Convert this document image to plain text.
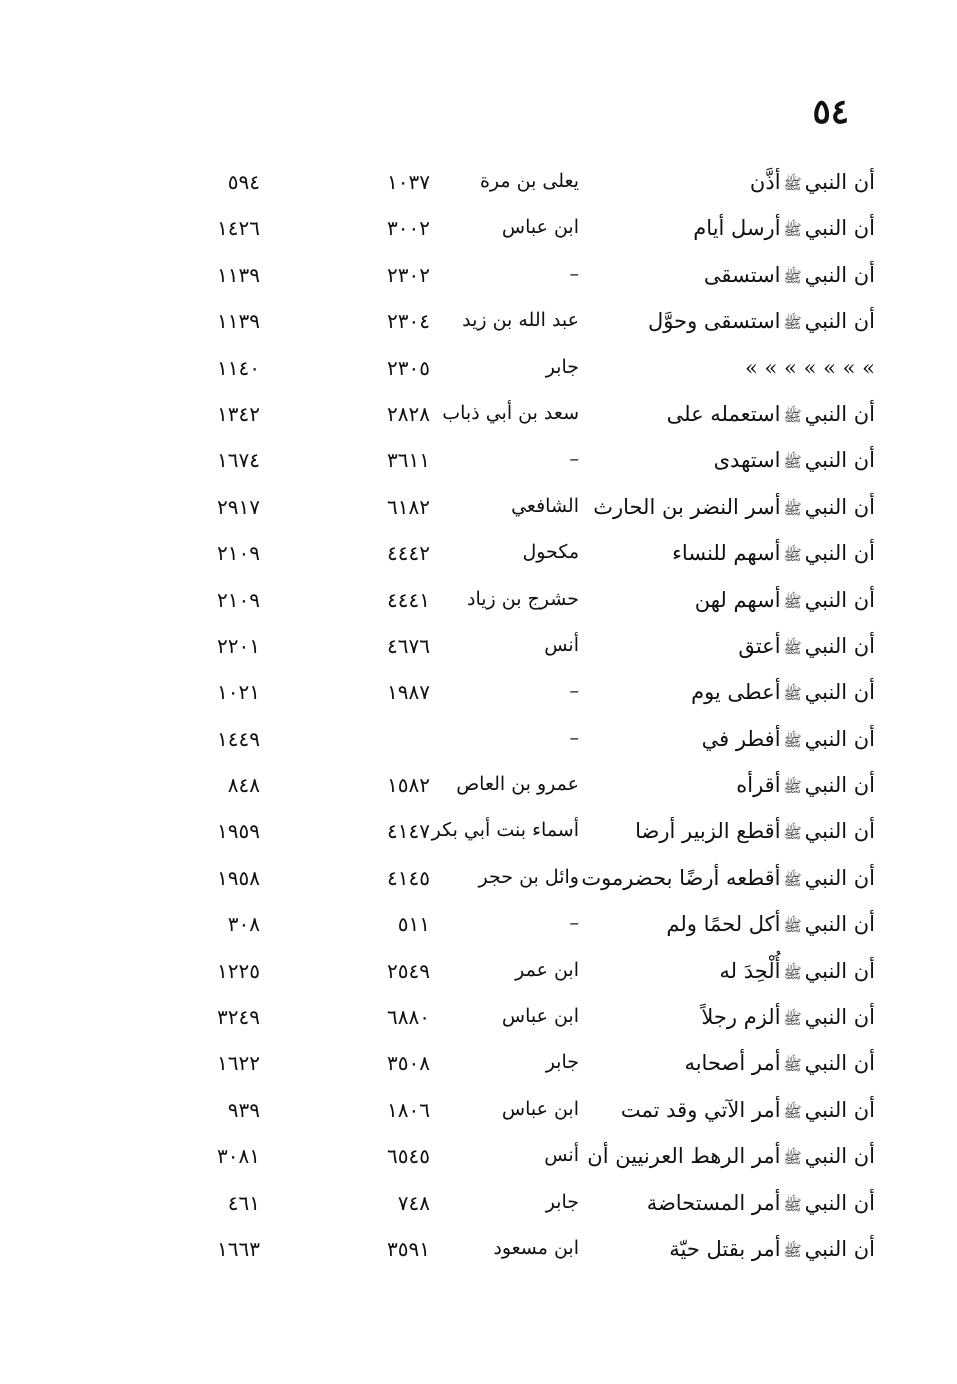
٥٤
أن النبيﷺأذَّن
يعلى بن مرة
١٠٣٧
٥٩٤
أن النبيﷺأرسل أيام
ابن عباس
٣٠٠٢
١٤٢٦
أن النبيﷺاستسقى
–
٢٣٠٢
١١٣٩
أن النبيﷺاستسقى وحوَّل
عبد الله بن زيد
٢٣٠٤
١١٣٩
» » » » » » »
جابر
٢٣٠٥
١١٤٠
أن النبيﷺاستعمله على
سعد بن أبي ذباب
٢٨٢٨
١٣٤٢
أن النبيﷺاستهدى
–
٣٦١١
١٦٧٤
أن النبيﷺأسر النضر بن الحارث
الشافعي
٦١٨٢
٢٩١٧
أن النبيﷺأسهم للنساء
مكحول
٤٤٤٢
٢١٠٩
أن النبيﷺأسهم لهن
حشرج بن زياد
٤٤٤١
٢١٠٩
أن النبيﷺأعتق
أنس
٤٦٧٦
٢٢٠١
أن النبيﷺأعطى يوم
–
١٩٨٧
١٠٢١
أن النبيﷺأفطر في
–
١٤٤٩
أن النبيﷺأقرأه
عمرو بن العاص
١٥٨٢
٨٤٨
أن النبيﷺأقطع الزبير أرضا
أسماء بنت أبي بكر
٤١٤٧
١٩٥٩
أن النبيﷺأقطعه أرضًا بحضرموت
وائل بن حجر
٤١٤٥
١٩٥٨
أن النبيﷺأكل لحمًا ولم
–
٥١١
٣٠٨
أن النبيﷺأُلْحِدَ له
ابن عمر
٢٥٤٩
١٢٢٥
أن النبيﷺألزم رجلاً
ابن عباس
٦٨٨٠
٣٢٤٩
أن النبيﷺأمر أصحابه
جابر
٣٥٠٨
١٦٢٢
أن النبيﷺأمر الآتي وقد تمت
ابن عباس
١٨٠٦
٩٣٩
أن النبيﷺأمر الرهط العرنيين أن
أنس
٦٥٤٥
٣٠٨١
أن النبيﷺأمر المستحاضة
جابر
٧٤٨
٤٦١
أن النبيﷺأمر بقتل حيّة
ابن مسعود
٣٥٩١
١٦٦٣
